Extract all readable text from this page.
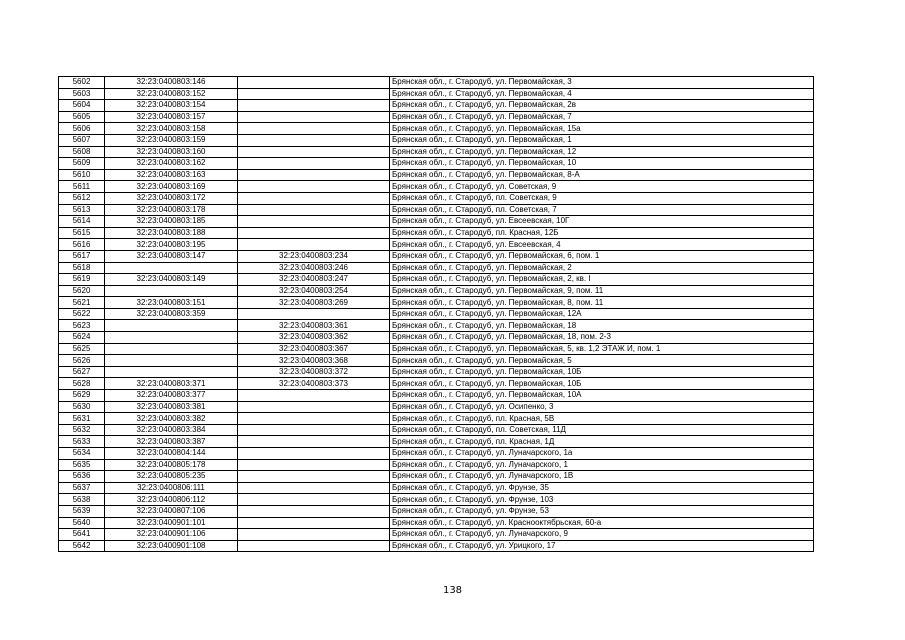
5602	32:23:0400803:146		Брянская обл., г. Стародуб, ул. Первомайская, 3
5603	32:23:0400803:152		Брянская обл., г. Стародуб, ул. Первомайская, 4
5604	32:23:0400803:154		Брянская обл., г. Стародуб, ул. Первомайская, 2в
5605	32:23:0400803:157		Брянская обл., г. Стародуб, ул. Первомайская, 7
5606	32:23:0400803:158		Брянская обл., г. Стародуб, ул. Первомайская, 15а
5607	32:23:0400803:159		Брянская обл., г. Стародуб, ул. Первомайская, 1
5608	32:23:0400803:160		Брянская обл., г. Стародуб, ул. Первомайская, 12
5609	32:23:0400803:162		Брянская обл., г. Стародуб, ул. Первомайская, 10
5610	32:23:0400803:163		Брянская обл., г. Стародуб, ул. Первомайская, 8-А
5611	32:23:0400803:169		Брянская обл., г. Стародуб, ул. Советская, 9
5612	32:23:0400803:172		Брянская обл., г. Стародуб, пл. Советская, 9
5613	32:23:0400803:178		Брянская обл., г. Стародуб, пл. Советская, 7
5614	32:23:0400803:185		Брянская обл., г. Стародуб, ул. Евсеевская, 10Г
5615	32:23:0400803:188		Брянская обл., г. Стародуб, пл. Красная, 12Б
5616	32:23:0400803:195		Брянская обл., г. Стародуб, ул. Евсеевская, 4
5617	32:23:0400803:147	32:23:0400803:234	Брянская обл., г. Стародуб, ул. Первомайская, 6, пом. 1
5618		32:23:0400803:246	Брянская обл., г. Стародуб, ул. Первомайская, 2
5619	32:23:0400803:149	32:23:0400803:247	Брянская обл., г. Стародуб, ул. Первомайская, 2, кв. I
5620		32:23:0400803:254	Брянская обл., г. Стародуб, ул. Первомайская, 9, пом. 11
5621	32:23:0400803:151	32:23:0400803:269	Брянская обл., г. Стародуб, ул. Первомайская, 8, пом. 11
5622	32:23:0400803:359		Брянская обл., г. Стародуб, ул. Первомайская, 12А
5623		32:23:0400803:361	Брянская обл., г. Стародуб, ул. Первомайская, 18
5624		32:23:0400803:362	Брянская обл., г. Стародуб, ул. Первомайская, 18, пом. 2-3
5625		32:23:0400803:367	Брянская обл., г. Стародуб, ул. Первомайская, 5, кв. 1,2 ЭТАЖ И, пом. 1
5626		32:23:0400803:368	Брянская обл., г. Стародуб, ул. Первомайская, 5
5627		32:23:0400803:372	Брянская обл., г. Стародуб, ул. Первомайская, 10Б
5628	32:23:0400803:371	32:23:0400803:373	Брянская обл., г. Стародуб, ул. Первомайская, 10Б
5629	32:23:0400803:377		Брянская обл., г. Стародуб, ул. Первомайская, 10А
5630	32:23:0400803:381		Брянская обл., г. Стародуб, ул. Осипенко, 3
5631	32:23:0400803:382		Брянская обл., г. Стародуб, пл. Красная, 5В
5632	32:23:0400803:384		Брянская обл., г. Стародуб, пл. Советская, 11Д
5633	32:23:0400803:387		Брянская обл., г. Стародуб, пл. Красная, 1Д
5634	32:23:0400804:144		Брянская обл., г. Стародуб, ул. Луначарского, 1а
5635	32:23:0400805:178		Брянская обл., г. Стародуб, ул. Луначарского, 1
5636	32:23:0400805:235		Брянская обл., г. Стародуб, ул. Луначарского, 1В
5637	32:23:0400806:111		Брянская обл., г. Стародуб, ул. Фрунзе, 35
5638	32:23:0400806:112		Брянская обл., г. Стародуб, ул. Фрунзе, 103
5639	32:23:0400807:106		Брянская обл., г. Стародуб, ул. Фрунзе, 53
5640	32:23:0400901:101		Брянская обл., г. Стародуб, ул. Краснооктябрьская, 60-а
5641	32:23:0400901:106		Брянская обл., г. Стародуб, ул. Луначарского, 9
5642	32:23:0400901:108		Брянская обл., г. Стародуб, ул. Урицкого, 17
138
